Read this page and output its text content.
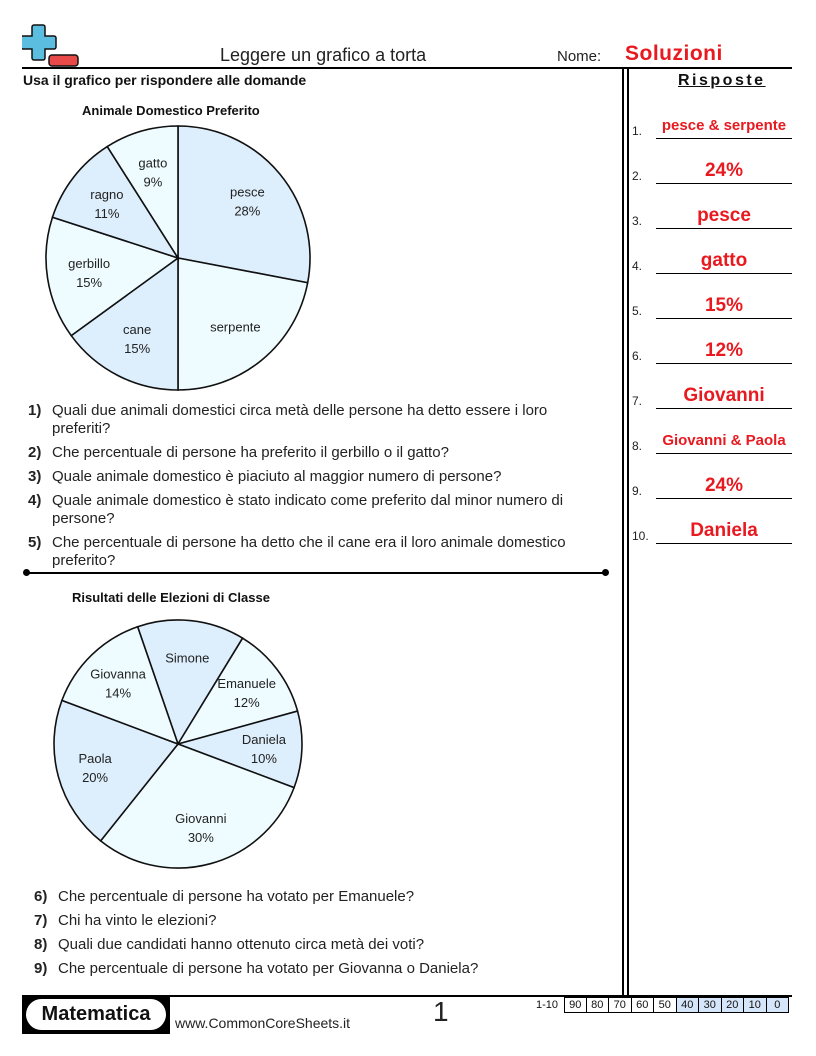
Leggere un grafico a torta	Nome: Soluzioni
Usa il grafico per rispondere alle domande	Risposte
Animale Domestico Preferito
pesce
28%
serpente
cane
15%
gerbillo
15%
ragno
11%
gatto
9%
1) Quali due animali domestici circa metà delle persone ha detto essere i loro preferiti?
2) Che percentuale di persone ha preferito il gerbillo o il gatto?
3) Quale animale domestico è piaciuto al maggior numero di persone?
4) Quale animale domestico è stato indicato come preferito dal minor numero di persone?
5) Che percentuale di persone ha detto che il cane era il loro animale domestico preferito?
Risultati delle Elezioni di Classe
Simone
Emanuele
12%
Daniela
10%
Giovanni
30%
Paola
20%
Giovanna
14%
6) Che percentuale di persone ha votato per Emanuele?
7) Chi ha vinto le elezioni?
8) Quali due candidati hanno ottenuto circa metà dei voti?
9) Che percentuale di persone ha votato per Giovanna o Daniela?
1.	pesce & serpente
2.	24%
3.	pesce
4.	gatto
5.	15%
6.	12%
7.	Giovanni
8.	Giovanni & Paola
9.	24%
10.	Daniela
Matematica	www.CommonCoreSheets.it	1	1-10	90 80 70 60 50 40 30 20 10	0
